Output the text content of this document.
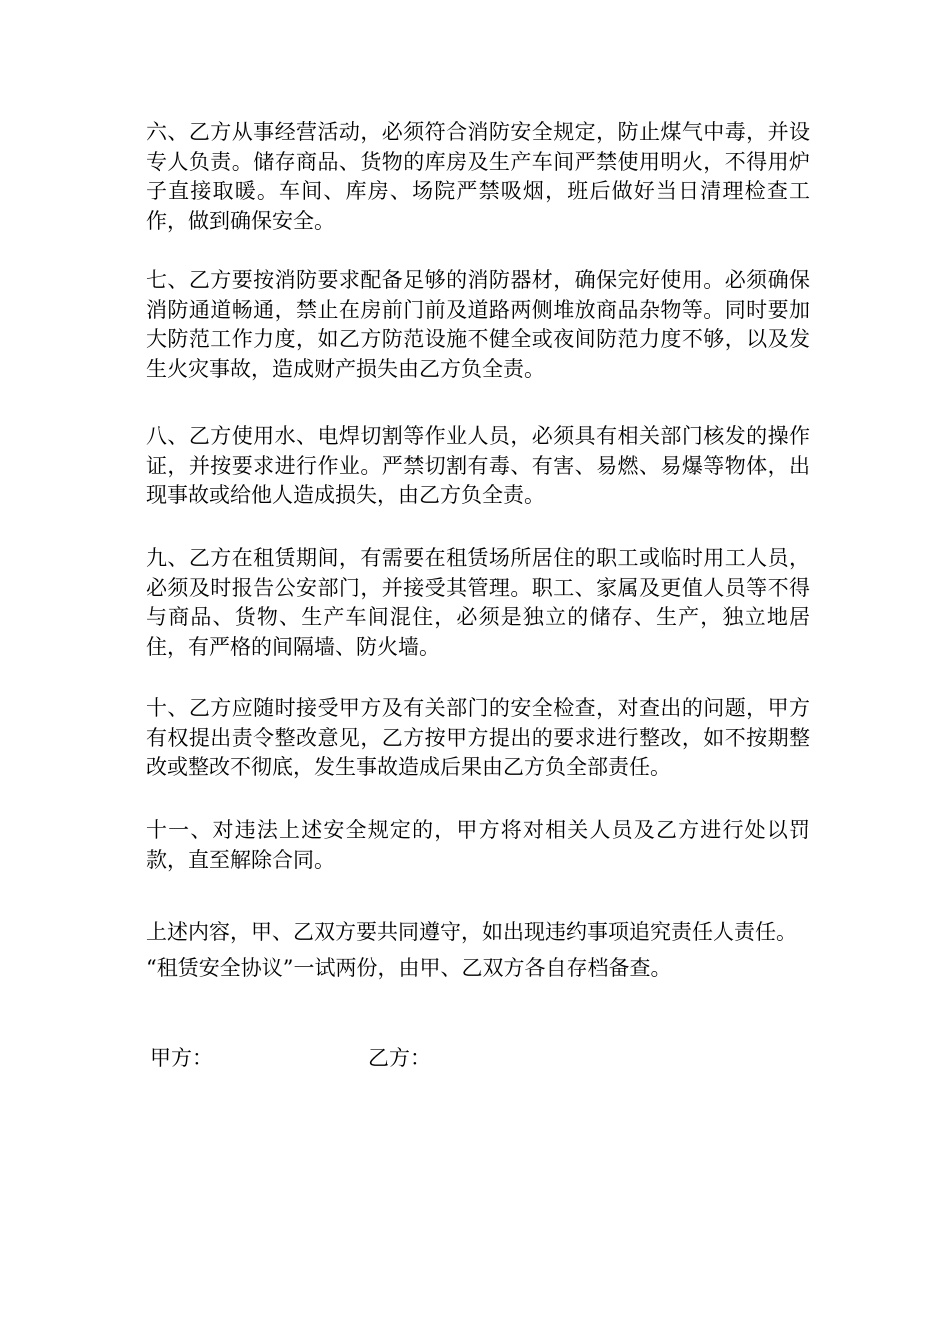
六、乙方从事经营活动，必须符合消防安全规定，防止煤气中毒，并设专人负责。储存商品、货物的库房及生产车间严禁使用明火，不得用炉子直接取暖。车间、库房、场院严禁吸烟，班后做好当日清理检查工作，做到确保安全。

七、乙方要按消防要求配备足够的消防器材，确保完好使用。必须确保消防通道畅通，禁止在房前门前及道路两侧堆放商品杂物等。同时要加大防范工作力度，如乙方防范设施不健全或夜间防范力度不够，以及发生火灾事故，造成财产损失由乙方负全责。

八、乙方使用水、电焊切割等作业人员，必须具有相关部门核发的操作证，并按要求进行作业。严禁切割有毒、有害、易燃、易爆等物体，出现事故或给他人造成损失，由乙方负全责。

九、乙方在租赁期间，有需要在租赁场所居住的职工或临时用工人员，必须及时报告公安部门，并接受其管理。职工、家属及更值人员等不得与商品、货物、生产车间混住，必须是独立的储存、生产，独立地居住，有严格的间隔墙、防火墙。

十、乙方应随时接受甲方及有关部门的安全检查，对查出的问题，甲方有权提出责令整改意见，乙方按甲方提出的要求进行整改，如不按期整改或整改不彻底，发生事故造成后果由乙方负全部责任。

十一、对违法上述安全规定的，甲方将对相关人员及乙方进行处以罚款，直至解除合同。

上述内容，甲、乙双方要共同遵守，如出现违约事项追究责任人责任。

“租赁安全协议”一试两份，由甲、乙双方各自存档备查。

甲方：	乙方：
